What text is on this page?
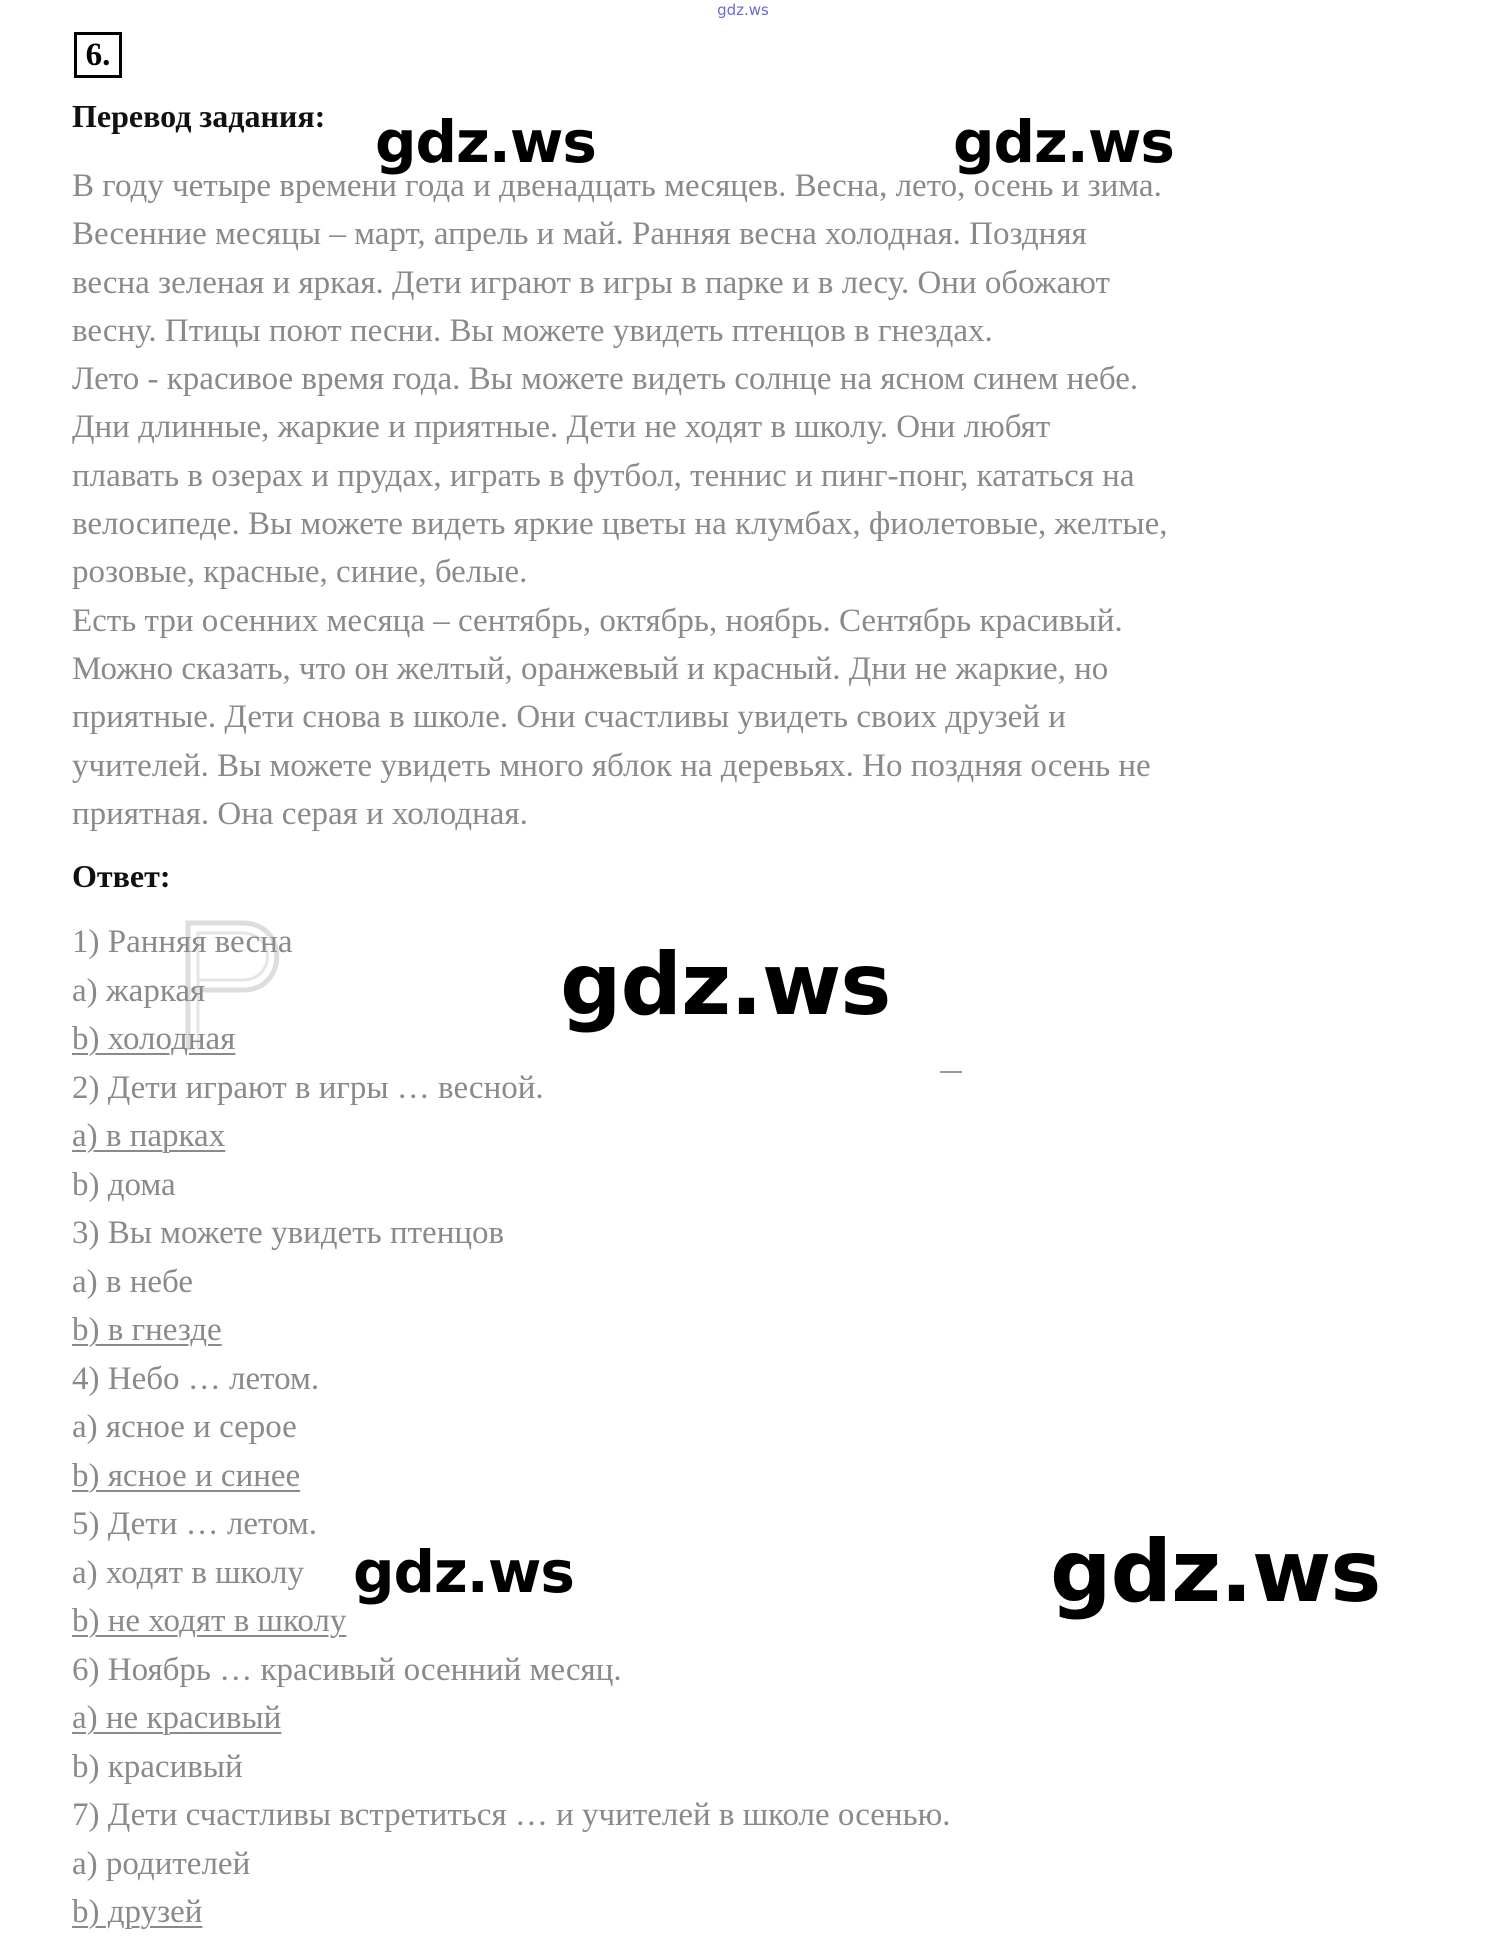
gdz.ws
6.
Перевод задания:
В году четыре времени года и двенадцать месяцев. Весна, лето, осень и зима.
Весенние месяцы – март, апрель и май. Ранняя весна холодная. Поздняя
весна зеленая и яркая. Дети играют в игры в парке и в лесу. Они обожают
весну. Птицы поют песни. Вы можете увидеть птенцов в гнездах.
Лето - красивое время года. Вы можете видеть солнце на ясном синем небе.
Дни длинные, жаркие и приятные. Дети не ходят в школу. Они любят
плавать в озерах и прудах, играть в футбол, теннис и пинг-понг, кататься на
велосипеде. Вы можете видеть яркие цветы на клумбах, фиолетовые, желтые,
розовые, красные, синие, белые.
Есть три осенних месяца – сентябрь, октябрь, ноябрь. Сентябрь красивый.
Можно сказать, что он желтый, оранжевый и красный. Дни не жаркие, но
приятные. Дети снова в школе. Они счастливы увидеть своих друзей и
учителей. Вы можете увидеть много яблок на деревьях. Но поздняя осень не
приятная. Она серая и холодная.
Ответ:
1) Ранняя весна
a) жаркая
b) холодная
2) Дети играют в игры … весной.
a) в парках
b) дома
3) Вы можете увидеть птенцов
a) в небе
b) в гнезде
4) Небо … летом.
a) ясное и серое
b) ясное и синее
5) Дети … летом.
a) ходят в школу
b) не ходят в школу
6) Ноябрь … красивый осенний месяц.
a) не красивый
b) красивый
7) Дети счастливы встретиться … и учителей в школе осенью.
a) родителей
b) друзей
gdz.ws	gdz.ws
gdz.ws
gdz.ws	gdz.ws
